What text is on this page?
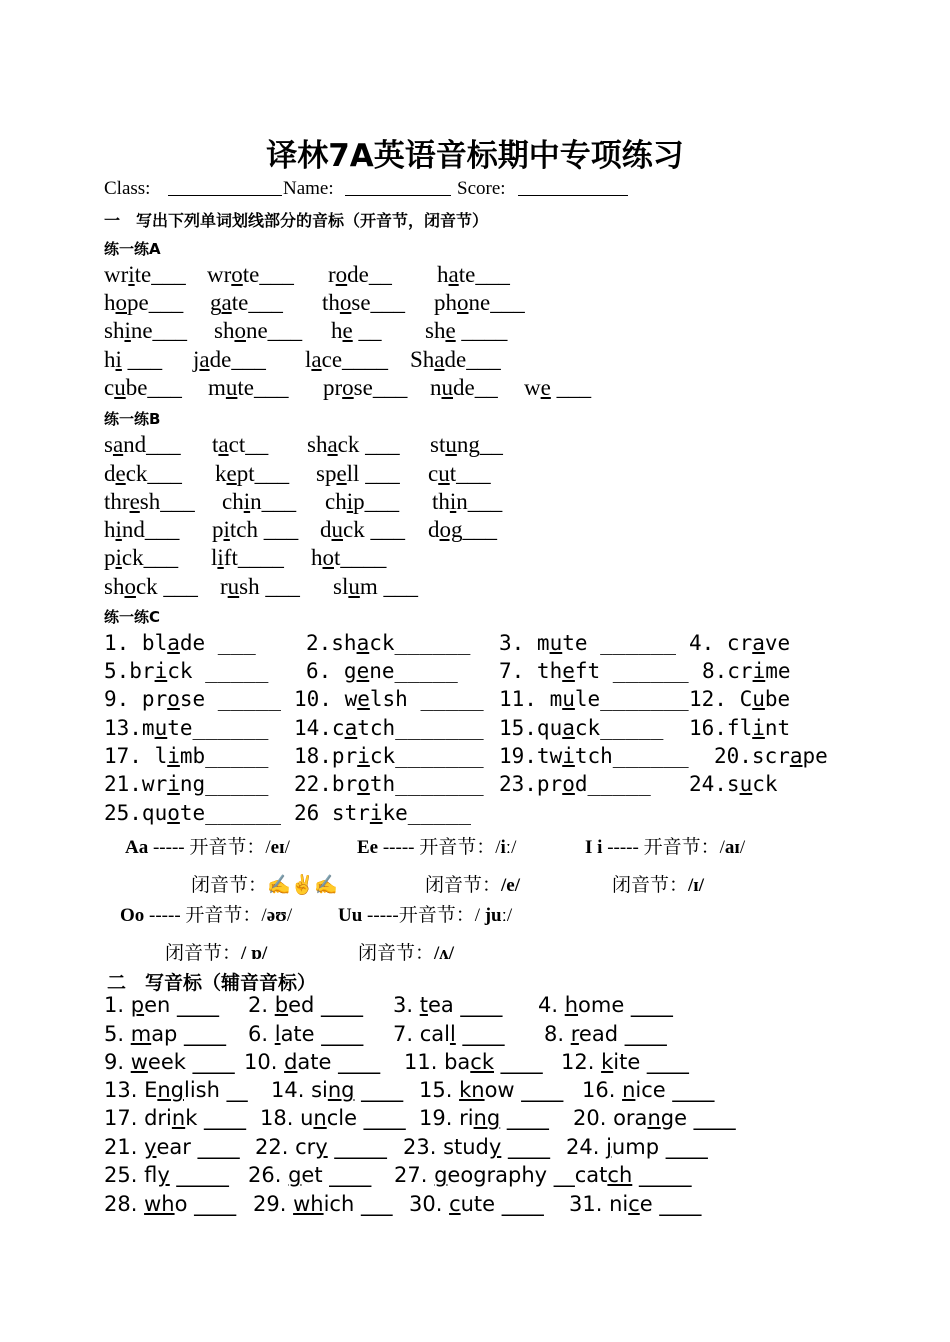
译林7A英语音标期中专项练习
Class:	Name:	Score:
一　写出下列单词划线部分的音标（开音节，闭音节）
练一练A
write___ wrote___ rode__ hate___
hope___ gate___ those___ phone___
shine___ shone___ he __ she ____
hi ___ jade___ lace____ Shade___
cube___ mute___ prose___ nude__ we ___
练一练B
sand___ tact__ shack ___ stung__
deck___ kept___ spell ___ cut___
thresh___ chin___ chip___ thin___
hind___ pitch ___ duck ___ dog___
pick___ lift____ hot____
shock ___ rush ___ slum ___
练一练C
1. blade ___ 2.shack______ 3. mute ______ 4. crave
5.brick _____ 6. gene_____ 7. theft ______ 8.crime
9. prose _____ 10. welsh _____ 11. mule_______ 12. Cube
13.mute______ 14.catch_______ 15.quack_____ 16.flint
17. limb_____ 18.prick_______ 19.twitch______ 20.scrape
21.wring_____ 22.broth_______ 23.prod_____ 24.suck
25.quote______ 26 strike_____
Aa ----- 开音节：/eɪ/	Ee ----- 开音节：/iː/	I i ----- 开音节：/aɪ/
闭音节：✍✌✍	闭音节：/e/	闭音节：/ɪ/
Oo ----- 开音节：/əʊ/ Uu -----开音节：/ juː/
闭音节：/ ɒ/	闭音节：/ʌ/
二　写音标（辅音音标）
1. pen ____ 2. bed ____ 3. tea ____ 4. home ____
5. map ____ 6. late ____ 7. call ____ 8. read ____
9. week ____ 10. date ____ 11. back ____ 12. kite ____
13. English __ 14. sing ____ 15. know ____ 16. nice ____
17. drink ____ 18. uncle ____ 19. ring ____ 20. orange ____
21. year ____ 22. cry _____ 23. study ____ 24. jump ____
25. fly _____ 26. get ____ 27. geography __catch _____
28. who ____ 29. which ___ 30. cute ____ 31. nice ____
